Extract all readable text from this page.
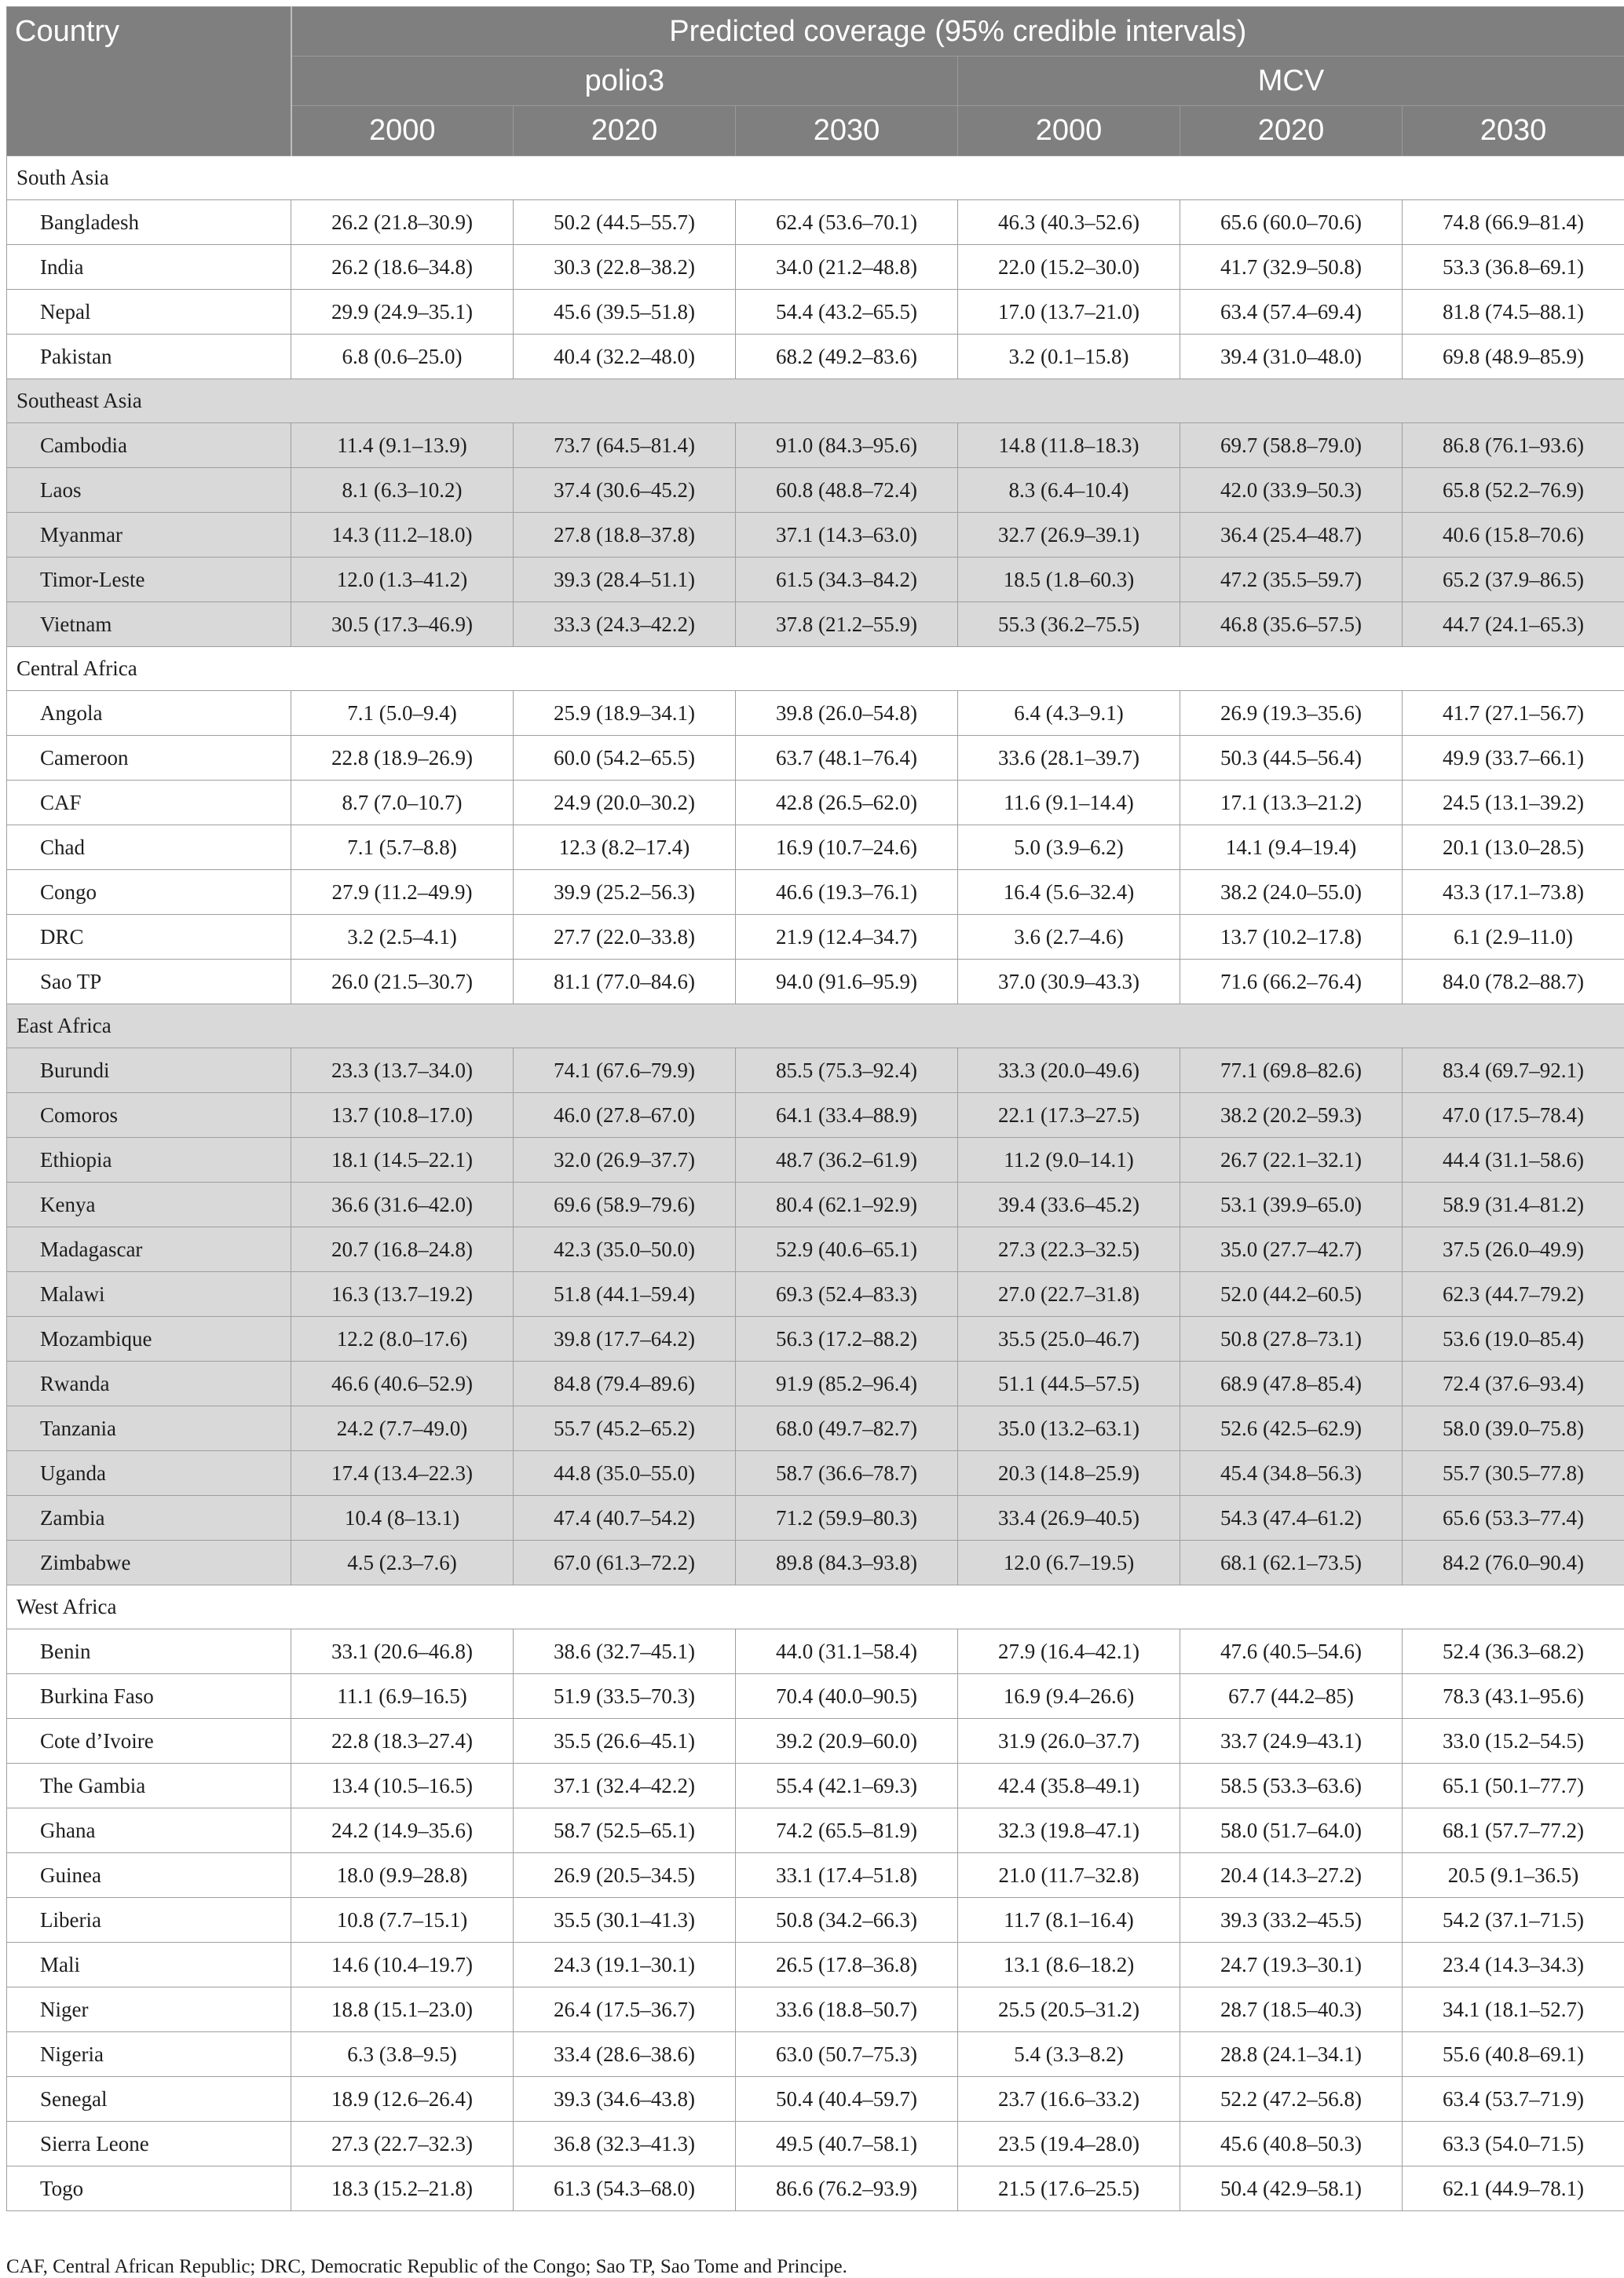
Country	Predicted coverage (95% credible intervals)					
	polio3			MCV		
	2000	2020	2030	2000	2020	2030
South Asia						
Bangladesh	26.2 (21.8–30.9)	50.2 (44.5–55.7)	62.4 (53.6–70.1)	46.3 (40.3–52.6)	65.6 (60.0–70.6)	74.8 (66.9–81.4)
India	26.2 (18.6–34.8)	30.3 (22.8–38.2)	34.0 (21.2–48.8)	22.0 (15.2–30.0)	41.7 (32.9–50.8)	53.3 (36.8–69.1)
Nepal	29.9 (24.9–35.1)	45.6 (39.5–51.8)	54.4 (43.2–65.5)	17.0 (13.7–21.0)	63.4 (57.4–69.4)	81.8 (74.5–88.1)
Pakistan	6.8 (0.6–25.0)	40.4 (32.2–48.0)	68.2 (49.2–83.6)	3.2 (0.1–15.8)	39.4 (31.0–48.0)	69.8 (48.9–85.9)
Southeast Asia						
Cambodia	11.4 (9.1–13.9)	73.7 (64.5–81.4)	91.0 (84.3–95.6)	14.8 (11.8–18.3)	69.7 (58.8–79.0)	86.8 (76.1–93.6)
Laos	8.1 (6.3–10.2)	37.4 (30.6–45.2)	60.8 (48.8–72.4)	8.3 (6.4–10.4)	42.0 (33.9–50.3)	65.8 (52.2–76.9)
Myanmar	14.3 (11.2–18.0)	27.8 (18.8–37.8)	37.1 (14.3–63.0)	32.7 (26.9–39.1)	36.4 (25.4–48.7)	40.6 (15.8–70.6)
Timor-Leste	12.0 (1.3–41.2)	39.3 (28.4–51.1)	61.5 (34.3–84.2)	18.5 (1.8–60.3)	47.2 (35.5–59.7)	65.2 (37.9–86.5)
Vietnam	30.5 (17.3–46.9)	33.3 (24.3–42.2)	37.8 (21.2–55.9)	55.3 (36.2–75.5)	46.8 (35.6–57.5)	44.7 (24.1–65.3)
Central Africa						
Angola	7.1 (5.0–9.4)	25.9 (18.9–34.1)	39.8 (26.0–54.8)	6.4 (4.3–9.1)	26.9 (19.3–35.6)	41.7 (27.1–56.7)
Cameroon	22.8 (18.9–26.9)	60.0 (54.2–65.5)	63.7 (48.1–76.4)	33.6 (28.1–39.7)	50.3 (44.5–56.4)	49.9 (33.7–66.1)
CAF	8.7 (7.0–10.7)	24.9 (20.0–30.2)	42.8 (26.5–62.0)	11.6 (9.1–14.4)	17.1 (13.3–21.2)	24.5 (13.1–39.2)
Chad	7.1 (5.7–8.8)	12.3 (8.2–17.4)	16.9 (10.7–24.6)	5.0 (3.9–6.2)	14.1 (9.4–19.4)	20.1 (13.0–28.5)
Congo	27.9 (11.2–49.9)	39.9 (25.2–56.3)	46.6 (19.3–76.1)	16.4 (5.6–32.4)	38.2 (24.0–55.0)	43.3 (17.1–73.8)
DRC	3.2 (2.5–4.1)	27.7 (22.0–33.8)	21.9 (12.4–34.7)	3.6 (2.7–4.6)	13.7 (10.2–17.8)	6.1 (2.9–11.0)
Sao TP	26.0 (21.5–30.7)	81.1 (77.0–84.6)	94.0 (91.6–95.9)	37.0 (30.9–43.3)	71.6 (66.2–76.4)	84.0 (78.2–88.7)
East Africa						
Burundi	23.3 (13.7–34.0)	74.1 (67.6–79.9)	85.5 (75.3–92.4)	33.3 (20.0–49.6)	77.1 (69.8–82.6)	83.4 (69.7–92.1)
Comoros	13.7 (10.8–17.0)	46.0 (27.8–67.0)	64.1 (33.4–88.9)	22.1 (17.3–27.5)	38.2 (20.2–59.3)	47.0 (17.5–78.4)
Ethiopia	18.1 (14.5–22.1)	32.0 (26.9–37.7)	48.7 (36.2–61.9)	11.2 (9.0–14.1)	26.7 (22.1–32.1)	44.4 (31.1–58.6)
Kenya	36.6 (31.6–42.0)	69.6 (58.9–79.6)	80.4 (62.1–92.9)	39.4 (33.6–45.2)	53.1 (39.9–65.0)	58.9 (31.4–81.2)
Madagascar	20.7 (16.8–24.8)	42.3 (35.0–50.0)	52.9 (40.6–65.1)	27.3 (22.3–32.5)	35.0 (27.7–42.7)	37.5 (26.0–49.9)
Malawi	16.3 (13.7–19.2)	51.8 (44.1–59.4)	69.3 (52.4–83.3)	27.0 (22.7–31.8)	52.0 (44.2–60.5)	62.3 (44.7–79.2)
Mozambique	12.2 (8.0–17.6)	39.8 (17.7–64.2)	56.3 (17.2–88.2)	35.5 (25.0–46.7)	50.8 (27.8–73.1)	53.6 (19.0–85.4)
Rwanda	46.6 (40.6–52.9)	84.8 (79.4–89.6)	91.9 (85.2–96.4)	51.1 (44.5–57.5)	68.9 (47.8–85.4)	72.4 (37.6–93.4)
Tanzania	24.2 (7.7–49.0)	55.7 (45.2–65.2)	68.0 (49.7–82.7)	35.0 (13.2–63.1)	52.6 (42.5–62.9)	58.0 (39.0–75.8)
Uganda	17.4 (13.4–22.3)	44.8 (35.0–55.0)	58.7 (36.6–78.7)	20.3 (14.8–25.9)	45.4 (34.8–56.3)	55.7 (30.5–77.8)
Zambia	10.4 (8–13.1)	47.4 (40.7–54.2)	71.2 (59.9–80.3)	33.4 (26.9–40.5)	54.3 (47.4–61.2)	65.6 (53.3–77.4)
Zimbabwe	4.5 (2.3–7.6)	67.0 (61.3–72.2)	89.8 (84.3–93.8)	12.0 (6.7–19.5)	68.1 (62.1–73.5)	84.2 (76.0–90.4)
West Africa						
Benin	33.1 (20.6–46.8)	38.6 (32.7–45.1)	44.0 (31.1–58.4)	27.9 (16.4–42.1)	47.6 (40.5–54.6)	52.4 (36.3–68.2)
Burkina Faso	11.1 (6.9–16.5)	51.9 (33.5–70.3)	70.4 (40.0–90.5)	16.9 (9.4–26.6)	67.7 (44.2–85)	78.3 (43.1–95.6)
Cote d’Ivoire	22.8 (18.3–27.4)	35.5 (26.6–45.1)	39.2 (20.9–60.0)	31.9 (26.0–37.7)	33.7 (24.9–43.1)	33.0 (15.2–54.5)
The Gambia	13.4 (10.5–16.5)	37.1 (32.4–42.2)	55.4 (42.1–69.3)	42.4 (35.8–49.1)	58.5 (53.3–63.6)	65.1 (50.1–77.7)
Ghana	24.2 (14.9–35.6)	58.7 (52.5–65.1)	74.2 (65.5–81.9)	32.3 (19.8–47.1)	58.0 (51.7–64.0)	68.1 (57.7–77.2)
Guinea	18.0 (9.9–28.8)	26.9 (20.5–34.5)	33.1 (17.4–51.8)	21.0 (11.7–32.8)	20.4 (14.3–27.2)	20.5 (9.1–36.5)
Liberia	10.8 (7.7–15.1)	35.5 (30.1–41.3)	50.8 (34.2–66.3)	11.7 (8.1–16.4)	39.3 (33.2–45.5)	54.2 (37.1–71.5)
Mali	14.6 (10.4–19.7)	24.3 (19.1–30.1)	26.5 (17.8–36.8)	13.1 (8.6–18.2)	24.7 (19.3–30.1)	23.4 (14.3–34.3)
Niger	18.8 (15.1–23.0)	26.4 (17.5–36.7)	33.6 (18.8–50.7)	25.5 (20.5–31.2)	28.7 (18.5–40.3)	34.1 (18.1–52.7)
Nigeria	6.3 (3.8–9.5)	33.4 (28.6–38.6)	63.0 (50.7–75.3)	5.4 (3.3–8.2)	28.8 (24.1–34.1)	55.6 (40.8–69.1)
Senegal	18.9 (12.6–26.4)	39.3 (34.6–43.8)	50.4 (40.4–59.7)	23.7 (16.6–33.2)	52.2 (47.2–56.8)	63.4 (53.7–71.9)
Sierra Leone	27.3 (22.7–32.3)	36.8 (32.3–41.3)	49.5 (40.7–58.1)	23.5 (19.4–28.0)	45.6 (40.8–50.3)	63.3 (54.0–71.5)
Togo	18.3 (15.2–21.8)	61.3 (54.3–68.0)	86.6 (76.2–93.9)	21.5 (17.6–25.5)	50.4 (42.9–58.1)	62.1 (44.9–78.1)
CAF, Central African Republic; DRC, Democratic Republic of the Congo; Sao TP, Sao Tome and Principe.
